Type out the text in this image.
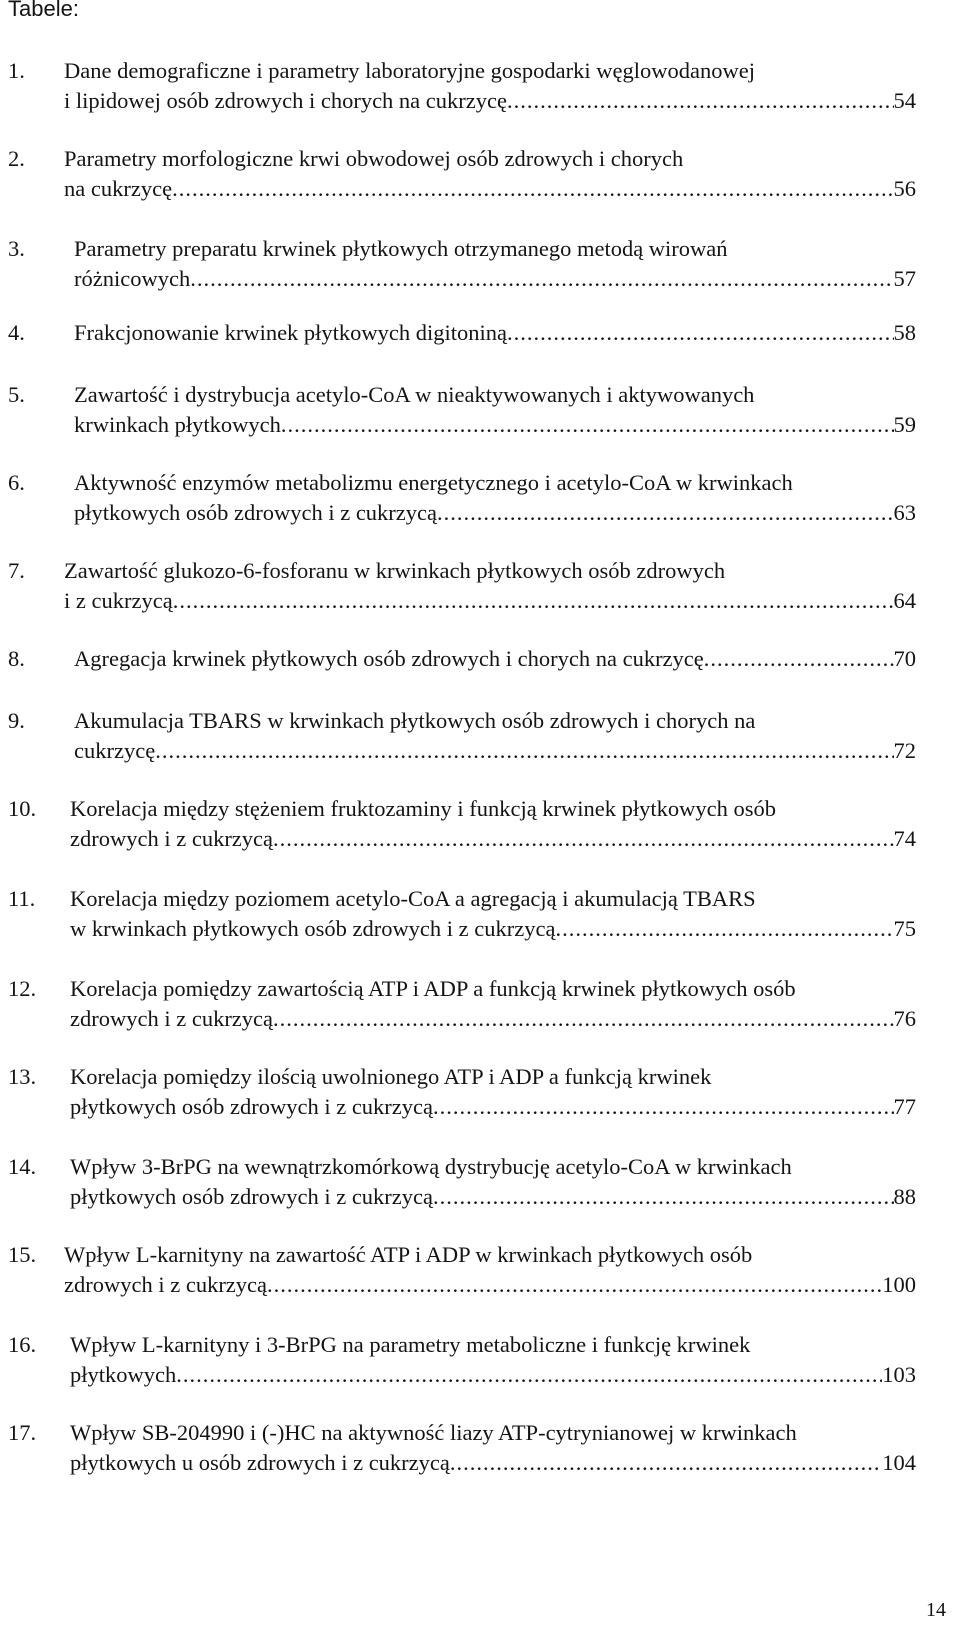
Tabele:
1. Dane demograficzne i parametry laboratoryjne gospodarki węglowodanowej
i lipidowej osób zdrowych i chorych na cukrzycę .....	54
2. Parametry morfologiczne krwi obwodowej osób zdrowych i chorych
na cukrzycę .....	56
3. Parametry preparatu krwinek płytkowych otrzymanego metodą wirowań
różnicowych .....	57
4. Frakcjonowanie krwinek płytkowych digitoniną .....	58
5. Zawartość i dystrybucja acetylo-CoA w nieaktywowanych i aktywowanych
krwinkach płytkowych .....	59
6. Aktywność enzymów metabolizmu energetycznego i acetylo-CoA w krwinkach
płytkowych osób zdrowych i z cukrzycą .....	63
7. Zawartość glukozo-6-fosforanu w krwinkach płytkowych osób zdrowych
i z cukrzycą .....	64
8. Agregacja krwinek płytkowych osób zdrowych i chorych na cukrzycę .....	70
9. Akumulacja TBARS w krwinkach płytkowych osób zdrowych i chorych na
cukrzycę .....	72
10. Korelacja między stężeniem fruktozaminy i funkcją krwinek płytkowych osób
zdrowych i z cukrzycą .....	74
11. Korelacja między poziomem acetylo-CoA a agregacją i akumulacją TBARS
w krwinkach płytkowych osób zdrowych i z cukrzycą .....	75
12. Korelacja pomiędzy zawartością ATP i ADP a funkcją krwinek płytkowych osób
zdrowych i z cukrzycą .....	76
13. Korelacja pomiędzy ilością uwolnionego ATP i ADP a funkcją krwinek
płytkowych osób zdrowych i z cukrzycą .....	77
14. Wpływ 3-BrPG na wewnątrzkomórkową dystrybucję acetylo-CoA w krwinkach
płytkowych osób zdrowych i z cukrzycą .....	88
15. Wpływ L-karnityny na zawartość ATP i ADP w krwinkach płytkowych osób
zdrowych i z cukrzycą .....	100
16. Wpływ L-karnityny i 3-BrPG na parametry metaboliczne i funkcję krwinek
płytkowych .....	103
17. Wpływ SB-204990 i (-)HC na aktywność liazy ATP-cytrynianowej w krwinkach
płytkowych u osób zdrowych i z cukrzycą .....	104
14
